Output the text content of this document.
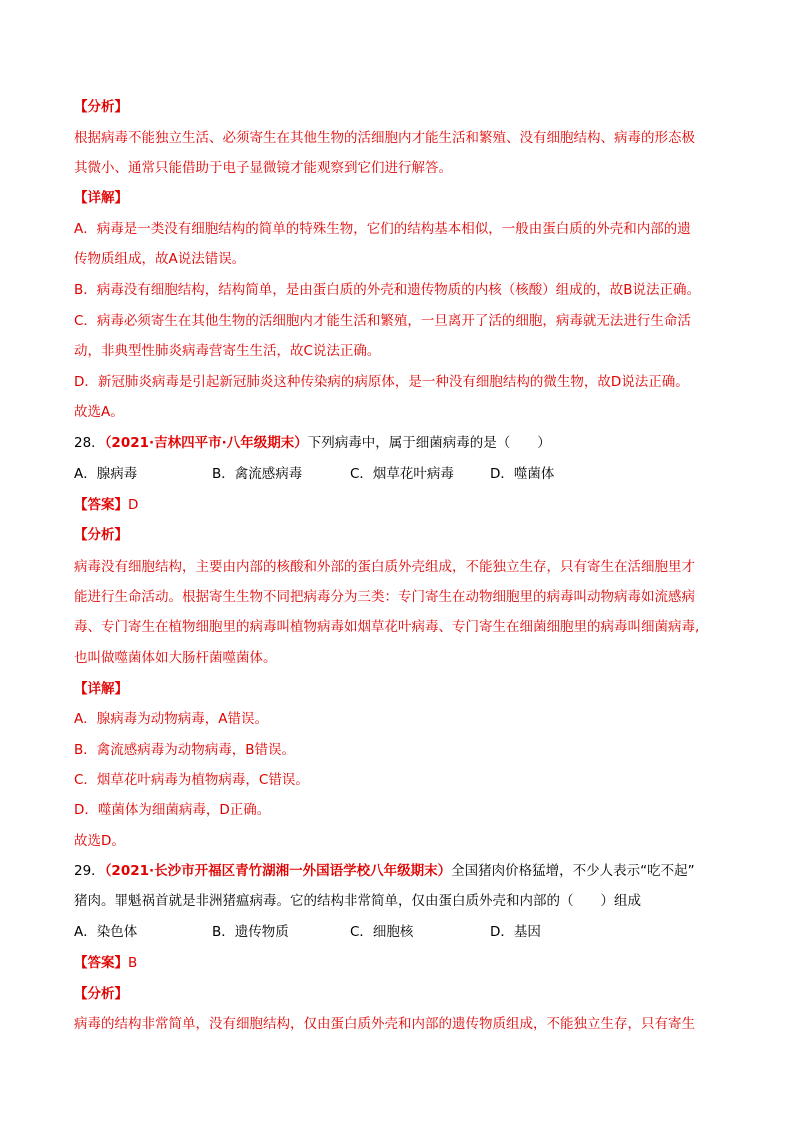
【分析】
根据病毒不能独立生活、必须寄生在其他生物的活细胞内才能生活和繁殖、没有细胞结构、病毒的形态极
其微小、通常只能借助于电子显微镜才能观察到它们进行解答。
【详解】
A．病毒是一类没有细胞结构的简单的特殊生物，它们的结构基本相似，一般由蛋白质的外壳和内部的遗
传物质组成，故A说法错误。
B．病毒没有细胞结构，结构简单，是由蛋白质的外壳和遗传物质的内核（核酸）组成的，故B说法正确。
C．病毒必须寄生在其他生物的活细胞内才能生活和繁殖，一旦离开了活的细胞，病毒就无法进行生命活
动，非典型性肺炎病毒营寄生生活，故C说法正确。
D．新冠肺炎病毒是引起新冠肺炎这种传染病的病原体，是一种没有细胞结构的微生物，故D说法正确。
故选A。
28．（2021·吉林四平市·八年级期末）下列病毒中，属于细菌病毒的是（　　）
A．腺病毒	B．禽流感病毒	C．烟草花叶病毒	D．噬菌体
【答案】D
【分析】
病毒没有细胞结构，主要由内部的核酸和外部的蛋白质外壳组成，不能独立生存，只有寄生在活细胞里才
能进行生命活动。根据寄生生物不同把病毒分为三类：专门寄生在动物细胞里的病毒叫动物病毒如流感病
毒、专门寄生在植物细胞里的病毒叫植物病毒如烟草花叶病毒、专门寄生在细菌细胞里的病毒叫细菌病毒,
也叫做噬菌体如大肠杆菌噬菌体。
【详解】
A．腺病毒为动物病毒，A错误。
B．禽流感病毒为动物病毒，B错误。
C．烟草花叶病毒为植物病毒，C错误。
D．噬菌体为细菌病毒，D正确。
故选D。
29．（2021·长沙市开福区青竹湖湘一外国语学校八年级期末）全国猪肉价格猛增，不少人表示“吃不起”
猪肉。罪魁祸首就是非洲猪瘟病毒。它的结构非常简单，仅由蛋白质外壳和内部的（　　）组成
A．染色体	B．遗传物质	C．细胞核	D．基因
【答案】B
【分析】
病毒的结构非常简单，没有细胞结构，仅由蛋白质外壳和内部的遗传物质组成，不能独立生存，只有寄生
